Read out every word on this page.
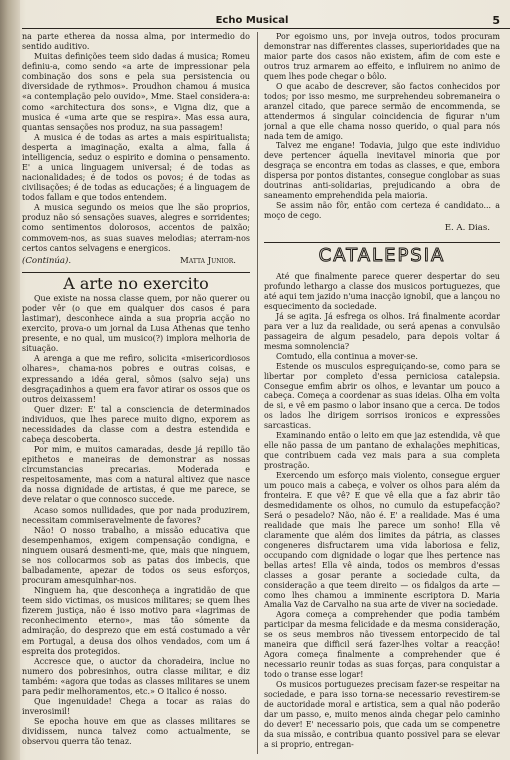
Echo Musical	5

na parte etherea da nossa alma, por intermedio do sentido auditivo.

Muitas definições teem sido dadas á musica; Romeu definiu-a, como sendo «a arte de impressionar pela combinação dos sons e pela sua persistencia ou diversidade de rythmos». Proudhon chamou á musica «a contemplação pelo ouvido», Mme. Stael considera-a: como «architectura dos sons», e Vigna diz, que a musica é «uma arte que se respira». Mas essa aura, quantas sensações nos produz, na sua passagem!

A musica é de todas as artes a mais espiritualista; desperta a imaginação, exalta a alma, falla á intelligencia, seduz o espirito e domina o pensamento. E' a unica linguagem universal; é de todas as nacionalidades; é de todos os povos; é de todas as civilisações; é de todas as educações; é a linguagem de todos fallam e que todos entendem.

A musica segundo os meios que lhe são proprios, produz não só sensações suaves, alegres e sorridentes; como sentimentos dolorosos, accentos de paixão; commovem-nos, as suas suaves melodias; aterram-nos certos cantos selvagens e energicos.

(Continúa).	Matta Junior.
A arte no exercito

Que existe na nossa classe quem, por não querer ou poder vêr (o que em qualquer dos casos é para lastimar), desconhece ainda a sua propria acção no exercito, prova-o um jornal da Lusa Athenas que tenho presente, e no qual, um musico(?) implora melhoria de situação.

A arenga a que me refiro, solicita «misericordiosos olhares», chama-nos pobres e outras coisas, e expressando a idéa geral, sômos (salvo seja) uns desgraçadinhos a quem era favor atirar os ossos que os outros deixassem!

Quer dizer: E' tal a consciencia de determinados individuos, que lhes parece muito digno, exporem as necessidades da classe com a destra estendida e cabeça descoberta.

Por mim, e muitos camaradas, desde já repillo tão epithetos e maneiras de demonstrar as nossas circumstancias precarias. Moderada e respeitosamente, mas com a natural altivez que nasce da nossa dignidade de artistas, é que me parece, se deve relatar o que connosco succede.

Acaso somos nullidades, que por nada produzirem, necessitam commiseravelmente de favores?

Não! O nosso trabalho, a missão educativa que desempenhamos, exigem compensação condigna, e ninguem ousará desmenti-me, que, mais que ninguem, se nos collocarmos sob as patas dos imbecis, que balbadamente, apezar de todos os seus esforços, procuram amesquinhar-nos.

Ninguem ha, que desconheça a ingratidão de que teem sido victimas, os musicos militares; se quem lhes fizerem justiça, não é isso motivo para «lagrimas de reconhecimento eterno», mas tão sómente da admiração, do desprezo que em está costumado a vêr em Portugal, a deusa dos olhos vendados, com um á espreita dos protegidos.

Accresce que, o auctor da choradeira, inclue no numero dos pobresinhos, outra classe militar, e diz também: «agora que todas as classes militares se unem para pedir melhoramentos, etc.» O italico é nosso.

Que ingenuidade! Chega a tocar as raias do inverosimil!

Se epocha houve em que as classes militares se dividissem, nunca talvez como actualmente, se observou querra tão tenaz.

Por egoismo uns, por inveja outros, todos procuram demonstrar nas differentes classes, superioridades que na maior parte dos casos não existem, afim de com este e outros truz armarem ao effeito, e influirem no animo de quem lhes pode chegar o bôlo.

O que acabo de descrever, são factos conhecidos por todos; por isso mesmo, me surprehendeu sobremaneira o aranzel citado, que parece sermão de encommenda, se attendermos á singular coincidencia de figurar n'um jornal a que elle chama nosso querido, o qual para nós nada tem de amigo.

Talvez me engane! Todavia, julgo que este individuo deve pertencer áquella inevitavel minoria que por desgraça se encontra em todas as classes, e que, embora dispersa por pontos distantes, consegue conglobar as suas doutrinas anti-solidarias, prejudicando a obra de saneamento emprehendida pela maioria.

Se assim não fôr, então com certeza é candidato... a moço de cego.

E. A. Dias.
CATALEPSIA

Até que finalmente parece querer despertar do seu profundo lethargo a classe dos musicos portuguezes, que até aqui tem jazido n'uma inacção ignobil, que a lançou no esquecimento da sociedade.

Já se agita. Já esfrega os olhos. Irá finalmente acordar para ver a luz da realidade, ou será apenas a convulsão passageira de algum pesadelo, para depois voltar á mesma somnolencia?

Comtudo, ella continua a mover-se.

Estende os musculos espreguiçando-se, como para se libertar por completo d'essa perniciosa catalepsia. Consegue emfim abrir os olhos, e levantar um pouco a cabeça. Começa a coordenar as suas ideias. Olha em volta de si, e vê em pasmo o labor insano que a cerca. De todos os lados lhe dirigem sorrisos ironicos e expressões sarcasticas.

Examinando então o leito em que jaz estendida, vê que elle não passa de um pantano de exhalações mephiticas, que contribuem cada vez mais para a sua completa prostração.

Exercendo um esforço mais violento, consegue erguer um pouco mais a cabeça, e volver os olhos para além da fronteira. E que vê? E que vê ella que a faz abrir tão desmedidamente os olhos, no cumulo da estupefacção? Será o pesadelo? Não, não é. E' a realidade. Mas é uma realidade que mais lhe parece um sonho! Ella vê claramente que além dos limites da pátria, as classes congeneres disfructarem uma vida laboriosa e feliz, occupando com dignidade o logar que lhes pertence nas bellas artes! Ella vê ainda, todos os membros d'essas classes a gosar perante a sociedade culta, da consideração a que teem direito — os fidalgos da arte — como lhes chamou a imminente escriptora D. Maria Amalia Vaz de Carvalho na sua arte de viver na sociedade.

Agora começa a comprehender que podia também participar da mesma felicidade e da mesma consideração, se os seus membros não tivessem entorpecido de tal maneira que difficil será fazer-lhes voltar a reacção! Agora começa finalmente a comprehender que é necessario reunir todas as suas forças, para conquistar a todo o transe esse logar!

Os musicos portuguezes precisam fazer-se respeitar na sociedade, e para isso torna-se necessario revestirem-se de auctoridade moral e artistica, sem a qual não poderão dar um passo, e, muito menos ainda chegar pelo caminho do dever! E' necessario pois, que cada um se compenetre da sua missão, e contribua quanto possivel para se elevar a si proprio, entregan-
